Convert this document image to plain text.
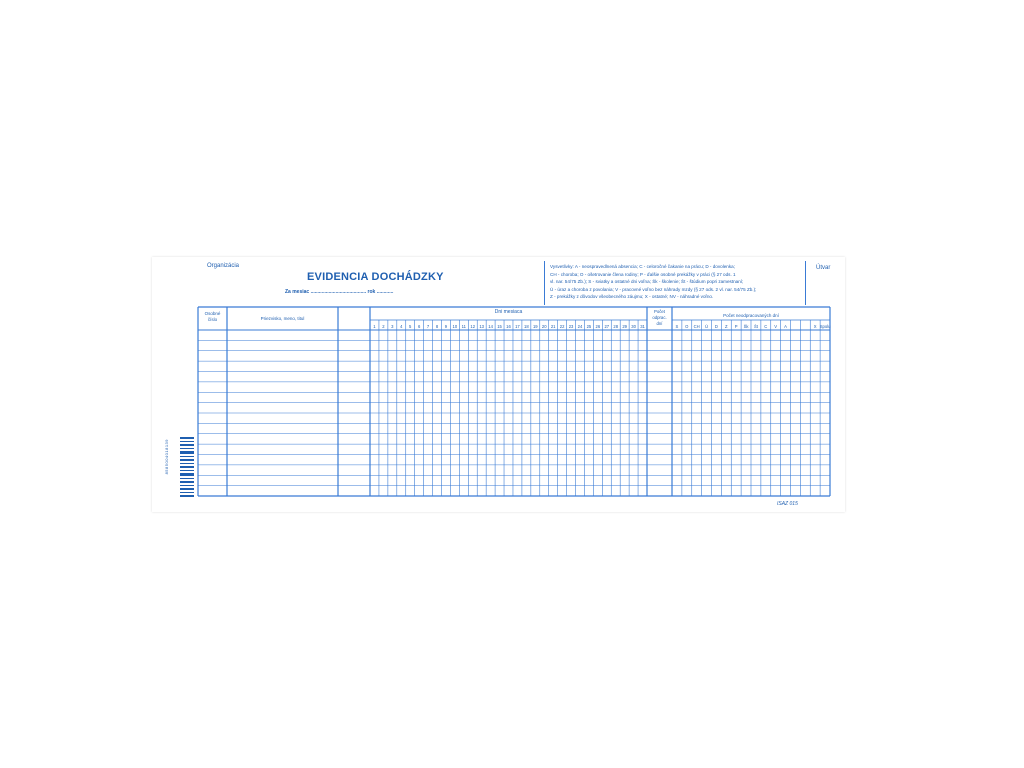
Organizácia
EVIDENCIA DOCHÁDZKY
Za mesiac ........................................ rok ............
Vysvetlivky: A - neospravedlnená absencia; C - celoročné čakanie na prácu; D - dovolenka;
CH - choroba; O - ošetrovanie člena rodiny; P - ďalšie osobné prekážky v práci (§ 27 ods. 1
vl. nar. 54/75 Zb.); S - sviatky a ostatné dni voľna; Šk - školenie; Št - štúdium popri zamestnaní;
Ú - úraz a choroba z povolania; V - pracovné voľno bez náhrady mzdy (§ 27 ods. 2 vl. nar. 54/75 Zb.);
Z - prekážky z dôvodov všeobecného záujmu; X - ostatné; NV - náhradné voľno.
Útvar
Osobné
číslo	Priezvisko, meno, titul
Dni mesiaca	Počet
odprac.
dní
Počet neodpracovaných dní
1 2 3 4 5 6 7 8 9 10 11 12 13 14 15 16 17 18 19 20 21 22 23 24 25 26 27 28 29 30 31	S O CH Ú D Z P Šk Št C V A	X Spolu
8585004018139
ISAZ 015
